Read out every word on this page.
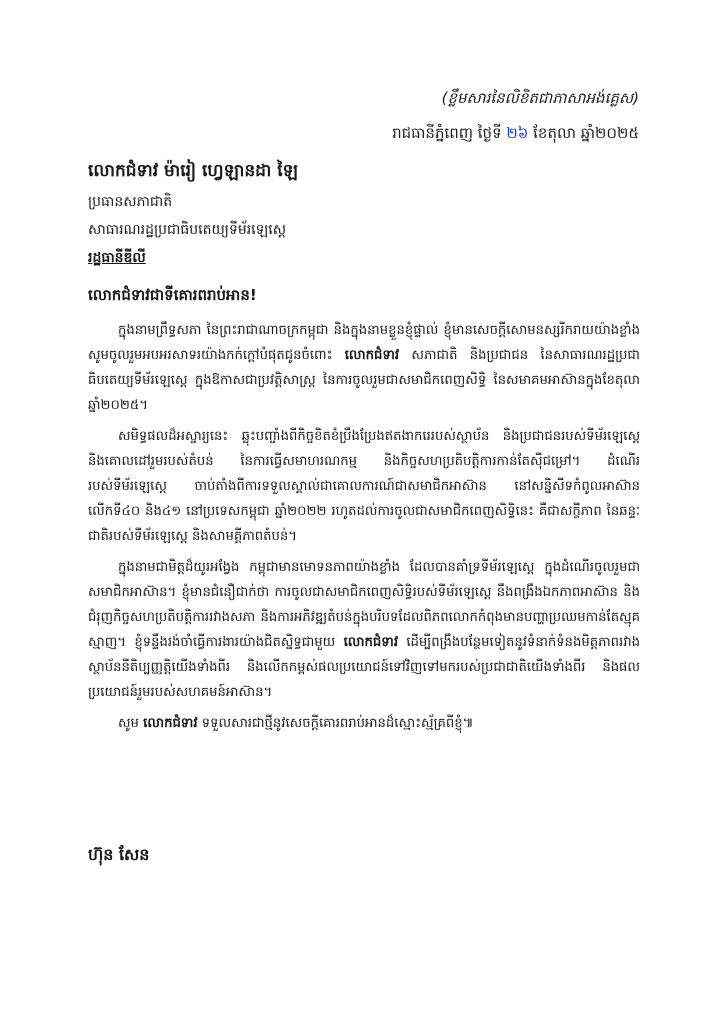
(ខ្លឹមសារនៃលិខិតជាភាសាអង់គ្លេស)
រាជធានីភ្នំពេញ ថ្ងៃទី ២៦ ខែតុលា ឆ្នាំ២០២៥
លោកជំទាវ ម៉ារៀ ហ្វេឡានដា ឡៃ
ប្រធានសភាជាតិ
សាធារណរដ្ឋប្រជាធិបតេយ្យទីម័រឡេស្តេ
រដ្ឋធានីឌីលី
លោកជំទាវជាទីគោរពរាប់អាន!

ក្នុងនាមព្រឹទ្ធសភា នៃព្រះរាជាណាចក្រកម្ពុជា និងក្នុងនាមខ្លួនខ្ញុំផ្ទាល់ ខ្ញុំមានសេចក្តីសោមនស្សរីករាយយ៉ាងខ្លាំង សូមចូលរួមអបអរសាទរយ៉ាងកក់ក្តៅបំផុតជូនចំពោះ លោកជំទាវ សភាជាតិ និងប្រជាជន នៃសាធារណរដ្ឋប្រជាធិបតេយ្យទីម័រឡេស្តេ ក្នុងឱកាសជាប្រវត្តិសាស្ត្រ នៃការចូលរួមជាសមាជិកពេញសិទ្ធិ នៃសមាគមអាស៊ានក្នុងខែតុលា ឆ្នាំ២០២៥។

សមិទ្ធផលដ៏អស្ចារ្យនេះ ឆ្លុះបញ្ចាំងពីកិច្ចខិតខំប្រឹងប្រែងឥតងាករេរបស់ស្ថាប័ន និងប្រជាជនរបស់ទីម័រឡេស្តេ និងគោលដៅរួមរបស់តំបន់ នៃការធ្វើសមាហរណកម្ម និងកិច្ចសហប្រតិបត្តិការកាន់តែស៊ីជម្រៅ។ ដំណើររបស់ទីម័រឡេស្តេ ចាប់តាំងពីការទទួលស្គាល់ជាគោលការណ៍ជាសមាជិកអាស៊ាន នៅសន្និសីទកំពូលអាស៊ានលើកទី៤០ និង៤១ នៅប្រទេសកម្ពុជា ឆ្នាំ២០២២ រហូតដល់ការចូលជាសមាជិកពេញសិទ្ធិនេះ គឺជាសក្ខីភាព នៃឆន្ទៈជាតិរបស់ទីម័រឡេស្តេ និងសាមគ្គីភាពតំបន់។

ក្នុងនាមជាមិត្តដ៏យូរអង្វែង កម្ពុជាមានមោទនភាពយ៉ាងខ្លាំង ដែលបានគាំទ្រទីម័រឡេស្តេ ក្នុងដំណើរចូលរួមជាសមាជិកអាស៊ាន។ ខ្ញុំមានជំនឿជាក់ថា ការចូលជាសមាជិកពេញសិទ្ធិរបស់ទីម័រឡេស្តេ នឹងពង្រឹងឯកភាពអាស៊ាន និងជំរុញកិច្ចសហប្រតិបត្តិការរវាងសភា និងការអភិវឌ្ឍតំបន់ក្នុងបរិបទដែលពិភពលោកកំពុងមានបញ្ហាប្រឈមកាន់តែស្មុគស្មាញ។ ខ្ញុំទន្ទឹងរង់ចាំធ្វើការងារយ៉ាងជិតស្និទ្ធជាមួយ លោកជំទាវ ដើម្បីពង្រឹងបន្ថែមទៀតនូវទំនាក់ទំនងមិត្តភាពរវាងស្ថាប័ននីតិប្បញ្ញត្តិយើងទាំងពីរ និងលើកកម្ពស់ផលប្រយោជន៍ទៅវិញទៅមករបស់ប្រជាជាតិយើងទាំងពីរ និងផលប្រយោជន៍រួមរបស់សហគមន៍អាស៊ាន។

សូម លោកជំទាវ ទទួលសារជាថ្មីនូវសេចក្តីគោរពរាប់អានដ៏ស្មោះស្ម័គ្រពីខ្ញុំ៕

ហ៊ុន សែន
